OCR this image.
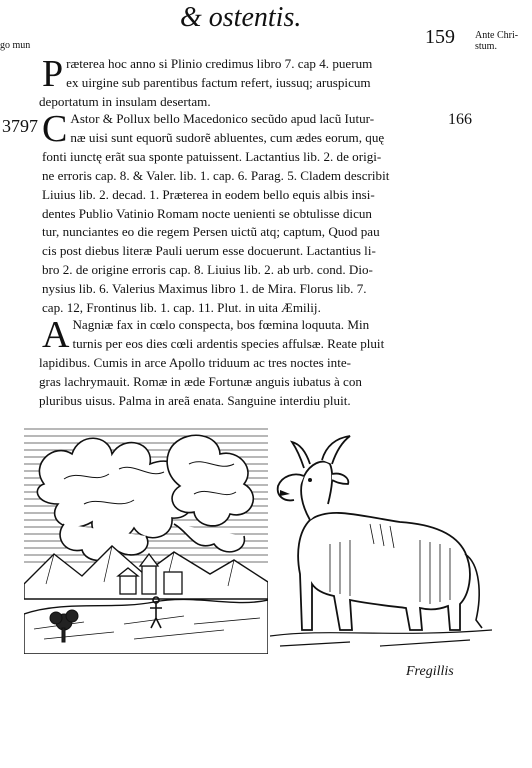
& ostentis.
159 Ante Chri-
stum.
go mun
3797	166
P ræterea hoc anno si Plinio credimus libro 7. cap 4. puerum
ex uirgine sub parentibus factum refert, iussuq; aruspicum
deportatum in insulam desertam.
C Astor & Pollux bello Macedonico secũdo apud lacũ Iutur-
næ uisi sunt equorũ sudorẽ abluentes, cum ædes eorum, quę
fonti iunctę erãt sua sponte patuissent. Lactantius lib. 2. de origi-
ne erroris cap. 8. & Valer. lib. 1. cap. 6. Parag. 5. Cladem describit
Liuius lib. 2. decad. 1. Præterea in eodem bello equis albis insi-
dentes Publio Vatinio Romam nocte uenienti se obtulisse dicun
tur, nunciantes eo die regem Persen uictũ atq; captum, Quod pau
cis post diebus literæ Pauli uerum esse docuerunt. Lactantius li-
bro 2. de origine erroris cap. 8. Liuius lib. 2. ab urb. cond. Dio-
nysius lib. 6. Valerius Maximus libro 1. de Mira. Florus lib. 7.
cap. 12, Frontinus lib. 1. cap. 11. Plut. in uita Æmilij.
A Nagniæ fax in cœlo conspecta, bos fœmina loquuta. Min
turnis per eos dies cœli ardentis species affulsæ. Reate pluit
lapidibus. Cumis in arce Apollo triduum ac tres noctes inte-
gras lachrymauit. Romæ in æde Fortunæ anguis iubatus à con
pluribus uisus. Palma in areã enata. Sanguine interdiu pluit.
Fregillis
